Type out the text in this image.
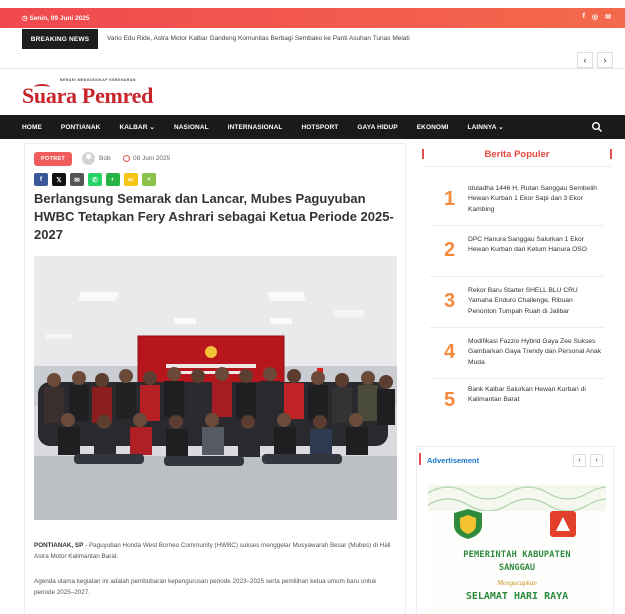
◷ Senin, 09 Juni 2025	f ◎ ✉
BREAKING NEWS	Vario Edu Ride, Astra Motor Kalbar Gandeng Komunitas Berbagi Sembako ke Panti Asuhan Tunas Melati
‹	›
BERANI MENGUNGKAP KEBENARAN
Suara Pemred
HOME	PONTIANAK	KALBAR ⌄	NASIONAL	INTERNASIONAL	HOTSPORT	GAYA HIDUP	EKONOMI	LAINNYA ⌄
POTRET	Bob	08 Juni 2025
f	𝕏	✉	✆	◐	✂	<
Berlangsung Semarak dan Lancar, Mubes Paguyuban HWBC Tetapkan Fery Ashrari sebagai Ketua Periode 2025-2027

PONTIANAK, SP - Paguyuban Honda West Borneo Community (HWBC) sukses menggelar Musyawarah Besar (Mubes) di Hall Astra Motor Kalimantan Barat.

Agenda utama kegiatan ini adalah pembubaran kepengurusan periode 2023–2025 serta pemilihan ketua umum baru untuk periode 2025–2027.

Berita Populer
1 Iduladha 1446 H, Rutan Sanggau Sembelih Hewan Kurban 1 Ekor Sapi dan 3 Ekor Kambing
2 DPC Hanura Sanggau Salurkan 1 Ekor Hewan Kurban dari Ketum Hanura OSO
3 Rekor Baru Starter SHELL BLU CRU Yamaha Enduro Challenge, Ribuan Penonton Tumpah Ruah di Jalibar
4 Modifikasi Fazzio Hybrid Gaya Zee Sukses Gambarkan Gaya Trendy dan Personal Anak Muda
5 Bank Kalbar Salurkan Hewan Kurban di Kalimantan Barat
Advertisement	‹	›
PEMERINTAH KABUPATEN
SANGGAU
Mengucapkan
SELAMAT HARI RAYA
